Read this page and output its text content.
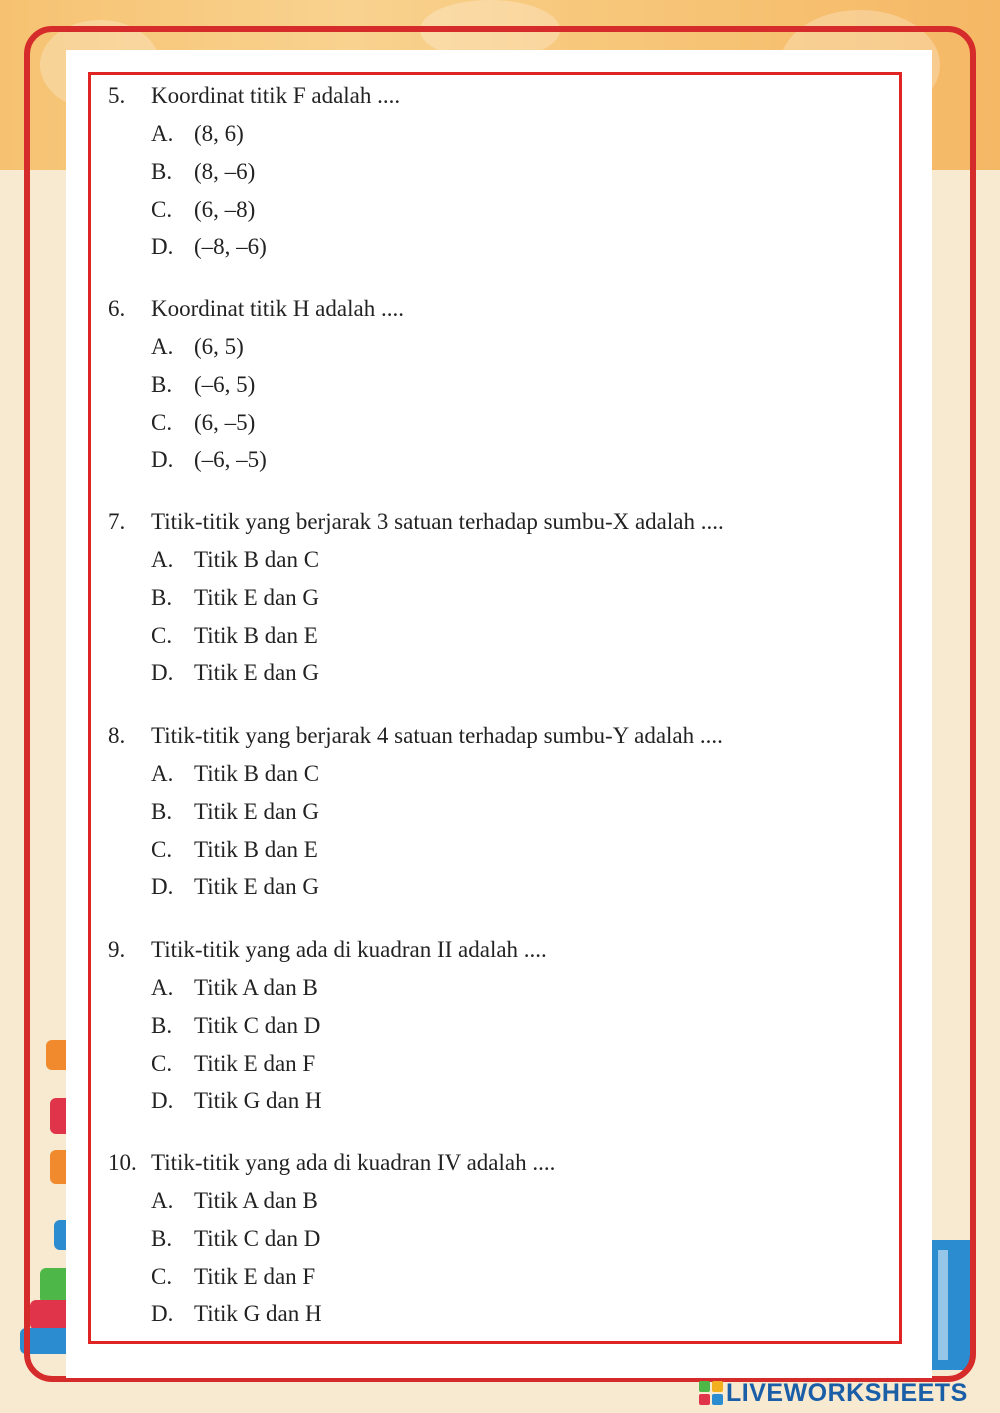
5.	Koordinat titik F adalah ....
A. (8, 6)
B. (8, –6)
C. (6, –8)
D. (–8, –6)
6.	Koordinat titik H adalah ....
A. (6, 5)
B. (–6, 5)
C. (6, –5)
D. (–6, –5)
7.	Titik-titik yang berjarak 3 satuan terhadap sumbu-X adalah ....
A. Titik B dan C
B. Titik E dan G
C. Titik B dan E
D. Titik E dan G
8.	Titik-titik yang berjarak 4 satuan terhadap sumbu-Y adalah ....
A. Titik B dan C
B. Titik E dan G
C. Titik B dan E
D. Titik E dan G
9.	Titik-titik yang ada di kuadran II adalah ....
A. Titik A dan B
B. Titik C dan D
C. Titik E dan F
D. Titik G dan H
10. Titik-titik yang ada di kuadran IV adalah ....
A. Titik A dan B
B. Titik C dan D
C. Titik E dan F
D. Titik G dan H
LIVEWORKSHEETS
